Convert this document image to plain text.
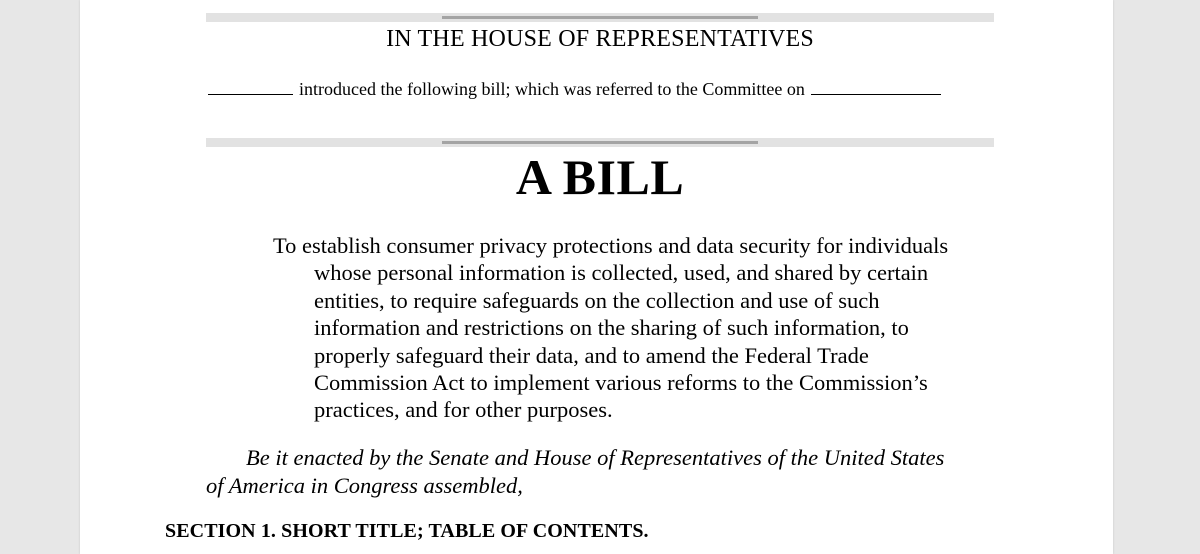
IN THE HOUSE OF REPRESENTATIVES
introduced the following bill; which was referred to the Committee on
A BILL
To establish consumer privacy protections and data security for individuals
whose personal information is collected, used, and shared by certain
entities, to require safeguards on the collection and use of such
information and restrictions on the sharing of such information, to
properly safeguard their data, and to amend the Federal Trade
Commission Act to implement various reforms to the Commission’s
practices, and for other purposes.
Be it enacted by the Senate and House of Representatives of the United States
of America in Congress assembled,
SECTION 1. SHORT TITLE; TABLE OF CONTENTS.
